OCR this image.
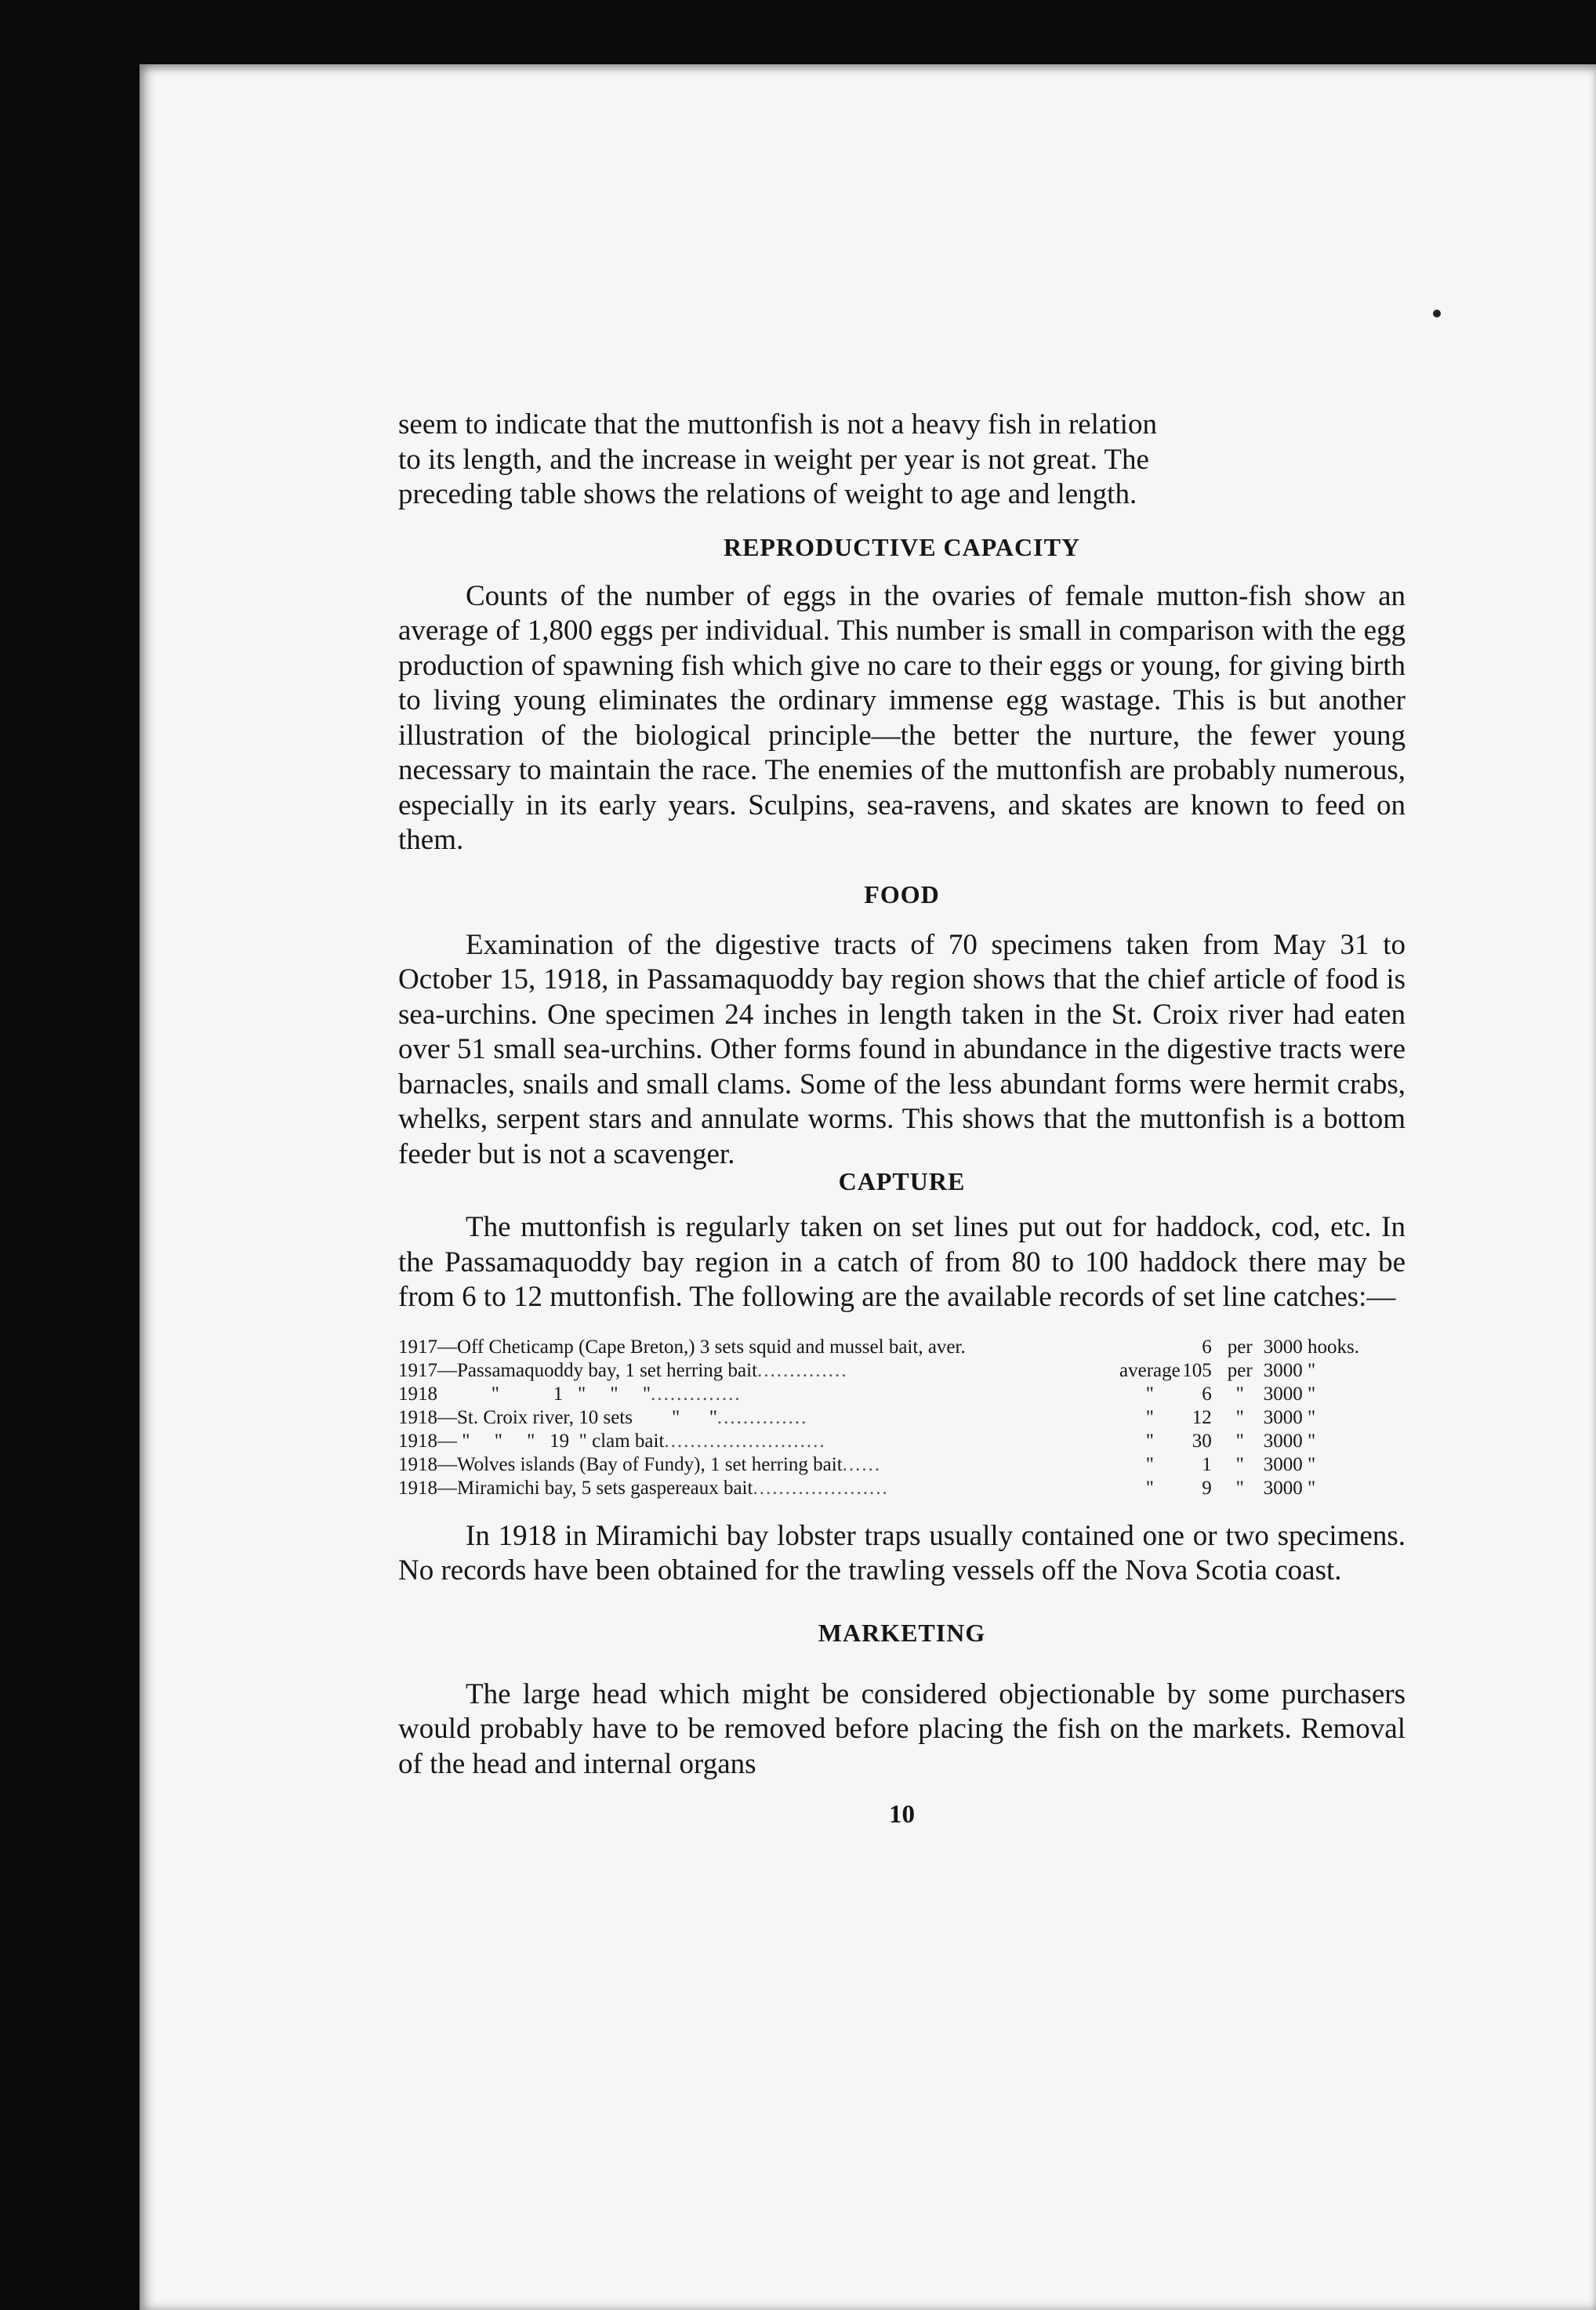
seem to indicate that the muttonfish is not a heavy fish in relation
to its length, and the increase in weight per year is not great. The
preceding table shows the relations of weight to age and length.

REPRODUCTIVE CAPACITY

Counts of the number of eggs in the ovaries of female mutton-fish show an average of 1,800 eggs per individual. This number is small in comparison with the egg production of spawning fish which give no care to their eggs or young, for giving birth to living young eliminates the ordinary immense egg wastage. This is but another illustration of the biological principle—the better the nurture, the fewer young necessary to maintain the race. The enemies of the muttonfish are probably numerous, especially in its early years. Sculpins, sea-ravens, and skates are known to feed on them.

FOOD

Examination of the digestive tracts of 70 specimens taken from May 31 to October 15, 1918, in Passamaquoddy bay region shows that the chief article of food is sea-urchins. One specimen 24 inches in length taken in the St. Croix river had eaten over 51 small sea-urchins. Other forms found in abundance in the digestive tracts were barnacles, snails and small clams. Some of the less abundant forms were hermit crabs, whelks, serpent stars and annulate worms. This shows that the muttonfish is a bottom feeder but is not a scavenger.

CAPTURE

The muttonfish is regularly taken on set lines put out for haddock, cod, etc. In the Passamaquoddy bay region in a catch of from 80 to 100 haddock there may be from 6 to 12 muttonfish. The following are the available records of set line catches:—

1917—Off Cheticamp (Cape Breton,) 3 sets squid and mussel bait, aver.		6	per	3000 hooks.
1917—Passamaquoddy bay, 1 set herring bait..............	average	105	per	3000 "
1918           "           1   "     "     "..............	"	6	"	3000 "
1918—St. Croix river, 10 sets        "      "..............	"	12	"	3000 "
1918— "     "     "   19  " clam bait.........................	"	30	"	3000 "
1918—Wolves islands (Bay of Fundy), 1 set herring bait......	"	1	"	3000 "
1918—Miramichi bay, 5 sets gaspereaux bait.....................	"	9	"	3000 "

In 1918 in Miramichi bay lobster traps usually contained one or two specimens. No records have been obtained for the trawling vessels off the Nova Scotia coast.

MARKETING

The large head which might be considered objectionable by some purchasers would probably have to be removed before placing the fish on the markets. Removal of the head and internal organs

10
